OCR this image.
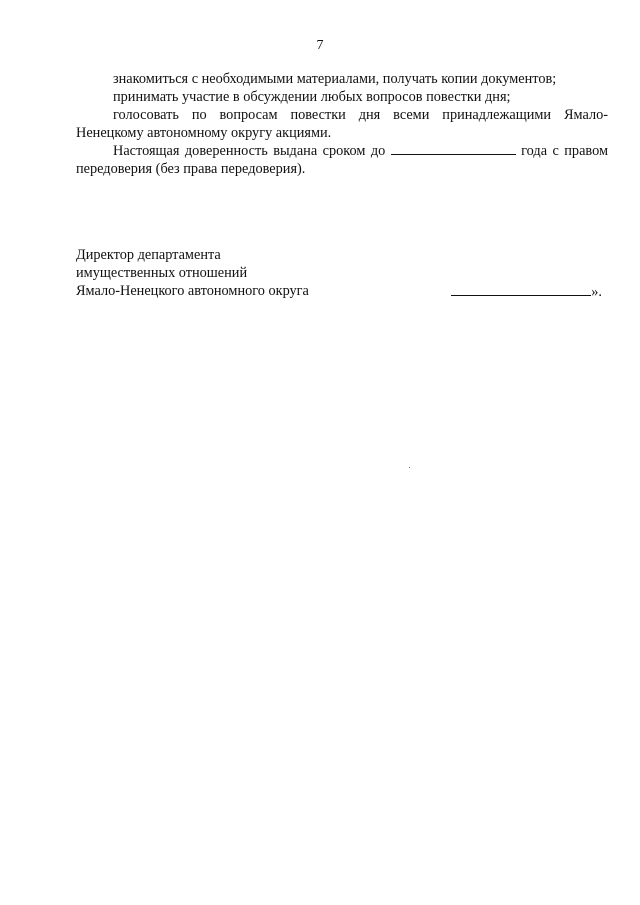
7

знакомиться с необходимыми материалами, получать копии документов;

принимать участие в обсуждении любых вопросов повестки дня;

голосовать по вопросам повестки дня всеми принадлежащими Ямало-Ненецкому автономному округу акциями.

Настоящая доверенность выдана сроком до	года с правом передоверия (без права передоверия).

Директор департамента

имущественных отношений

Ямало-Ненецкого автономного округа	».
